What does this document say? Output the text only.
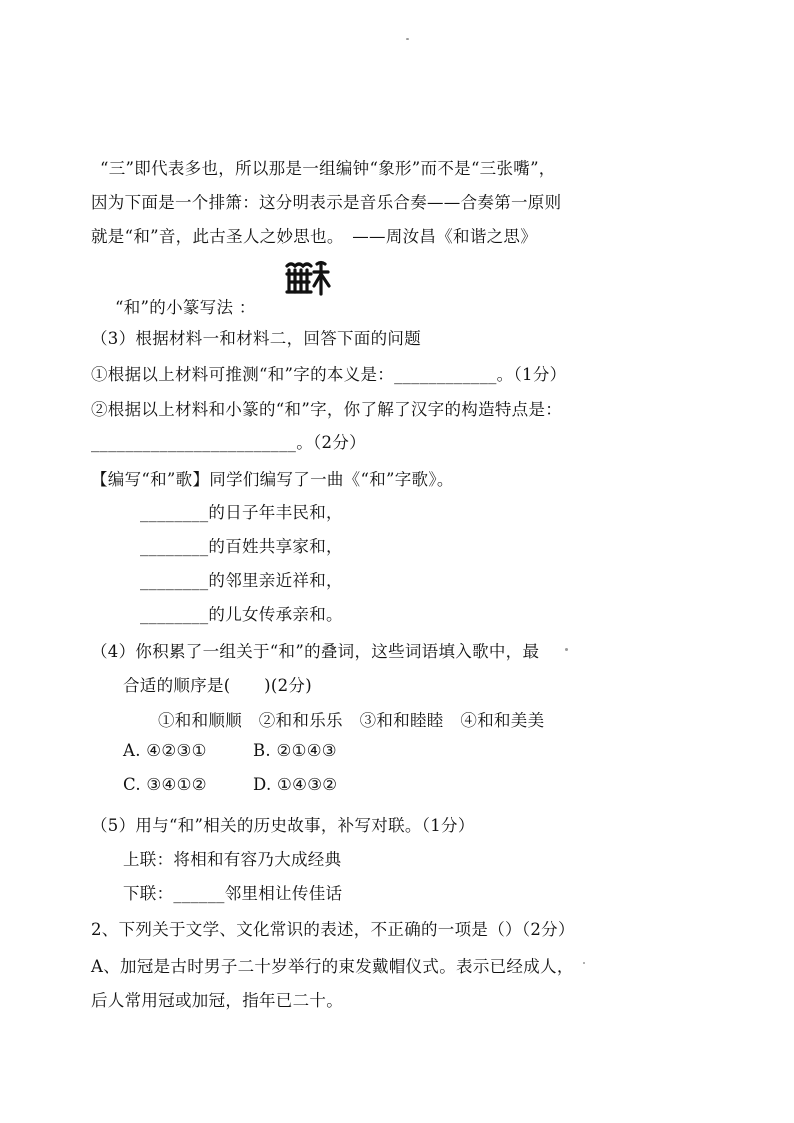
“三”即代表多也，所以那是一组编钟“象形”而不是“三张嘴”，
因为下面是一个排箫：这分明表示是音乐合奏——合奏第一原则
就是“和”音，此古圣人之妙思也。　——周汝昌《和谐之思》
“和”的小篆写法 ：
（3）根据材料一和材料二，回答下面的问题
①根据以上材料可推测“和”字的本义是：____________。（1分）
②根据以上材料和小篆的“和”字，你了解了汉字的构造特点是：
________________________。（2分）
【编写“和”歌】同学们编写了一曲《“和”字歌》。
________的日子年丰民和，
________的百姓共享家和，
________的邻里亲近祥和，
________的儿女传承亲和。
（4）你积累了一组关于“和”的叠词，这些词语填入歌中，最
合适的顺序是(　　)(2分)
①和和顺顺　②和和乐乐　③和和睦睦　④和和美美
A. ④②③①	B. ②①④③
C. ③④①②	D. ①④③②
（5）用与“和”相关的历史故事，补写对联。（1分）
上联：将相和有容乃大成经典
下联：______邻里相让传佳话
2、下列关于文学、文化常识的表述，不正确的一项是（）（2分）
A、加冠是古时男子二十岁举行的束发戴帽仪式。表示已经成人，
后人常用冠或加冠，指年已二十。
